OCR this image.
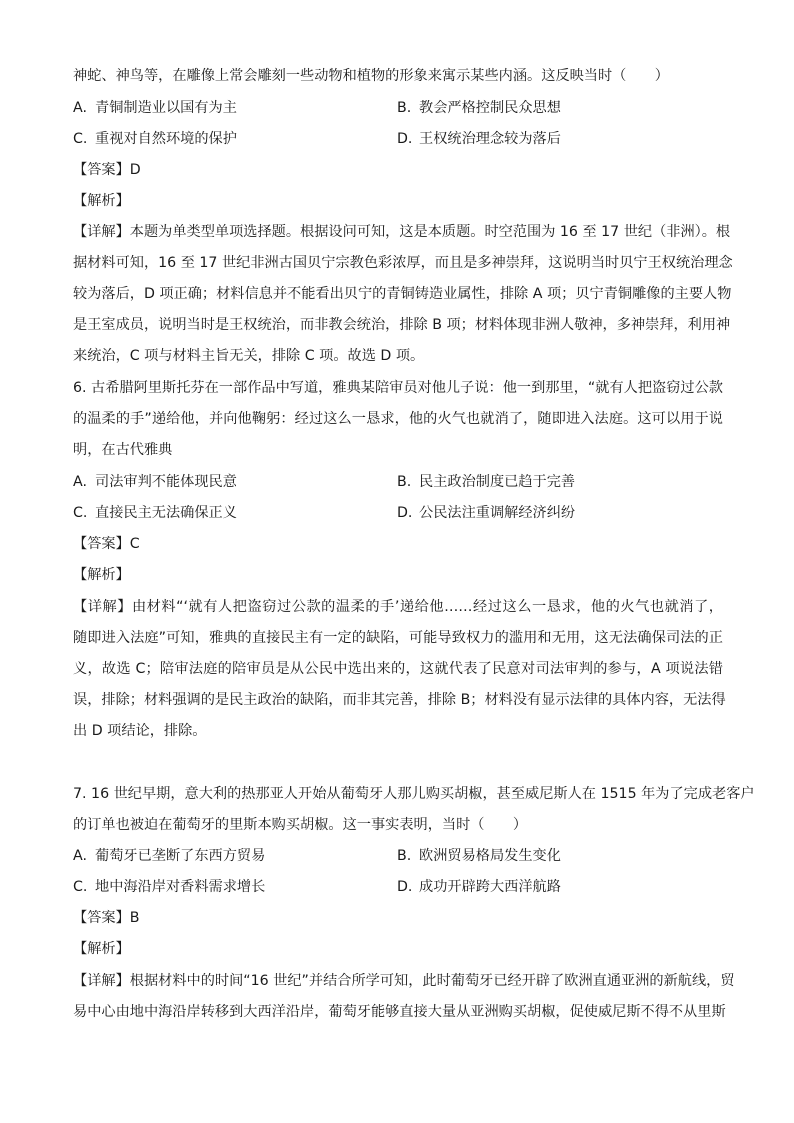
神蛇、神鸟等，在雕像上常会雕刻一些动物和植物的形象来寓示某些内涵。这反映当时（　　）
A. 青铜制造业以国有为主	B. 教会严格控制民众思想
C. 重视对自然环境的保护	D. 王权统治理念较为落后
【答案】D
【解析】
【详解】本题为单类型单项选择题。根据设问可知，这是本质题。时空范围为 16 至 17 世纪（非洲）。根
据材料可知，16 至 17 世纪非洲古国贝宁宗教色彩浓厚，而且是多神崇拜，这说明当时贝宁王权统治理念
较为落后，D 项正确；材料信息并不能看出贝宁的青铜铸造业属性，排除 A 项；贝宁青铜雕像的主要人物
是王室成员，说明当时是王权统治，而非教会统治，排除 B 项；材料体现非洲人敬神，多神崇拜，利用神
来统治，C 项与材料主旨无关，排除 C 项。故选 D 项。
6. 古希腊阿里斯托芬在一部作品中写道，雅典某陪审员对他儿子说：他一到那里，“就有人把盗窃过公款
的温柔的手”递给他，并向他鞠躬：经过这么一恳求，他的火气也就消了，随即进入法庭。这可以用于说
明，在古代雅典
A. 司法审判不能体现民意	B. 民主政治制度已趋于完善
C. 直接民主无法确保正义	D. 公民法注重调解经济纠纷
【答案】C
【解析】
【详解】由材料“‘就有人把盗窃过公款的温柔的手’递给他……经过这么一恳求，他的火气也就消了，
随即进入法庭”可知，雅典的直接民主有一定的缺陷，可能导致权力的滥用和无用，这无法确保司法的正
义，故选 C；陪审法庭的陪审员是从公民中选出来的，这就代表了民意对司法审判的参与，A 项说法错
误，排除；材料强调的是民主政治的缺陷，而非其完善，排除 B；材料没有显示法律的具体内容，无法得
出 D 项结论，排除。
7. 16 世纪早期，意大利的热那亚人开始从葡萄牙人那儿购买胡椒，甚至威尼斯人在 1515 年为了完成老客户
的订单也被迫在葡萄牙的里斯本购买胡椒。这一事实表明，当时（　　）
A. 葡萄牙已垄断了东西方贸易	B. 欧洲贸易格局发生变化
C. 地中海沿岸对香料需求增长	D. 成功开辟跨大西洋航路
【答案】B
【解析】
【详解】根据材料中的时间“16 世纪”并结合所学可知，此时葡萄牙已经开辟了欧洲直通亚洲的新航线，贸
易中心由地中海沿岸转移到大西洋沿岸，葡萄牙能够直接大量从亚洲购买胡椒，促使威尼斯不得不从里斯
